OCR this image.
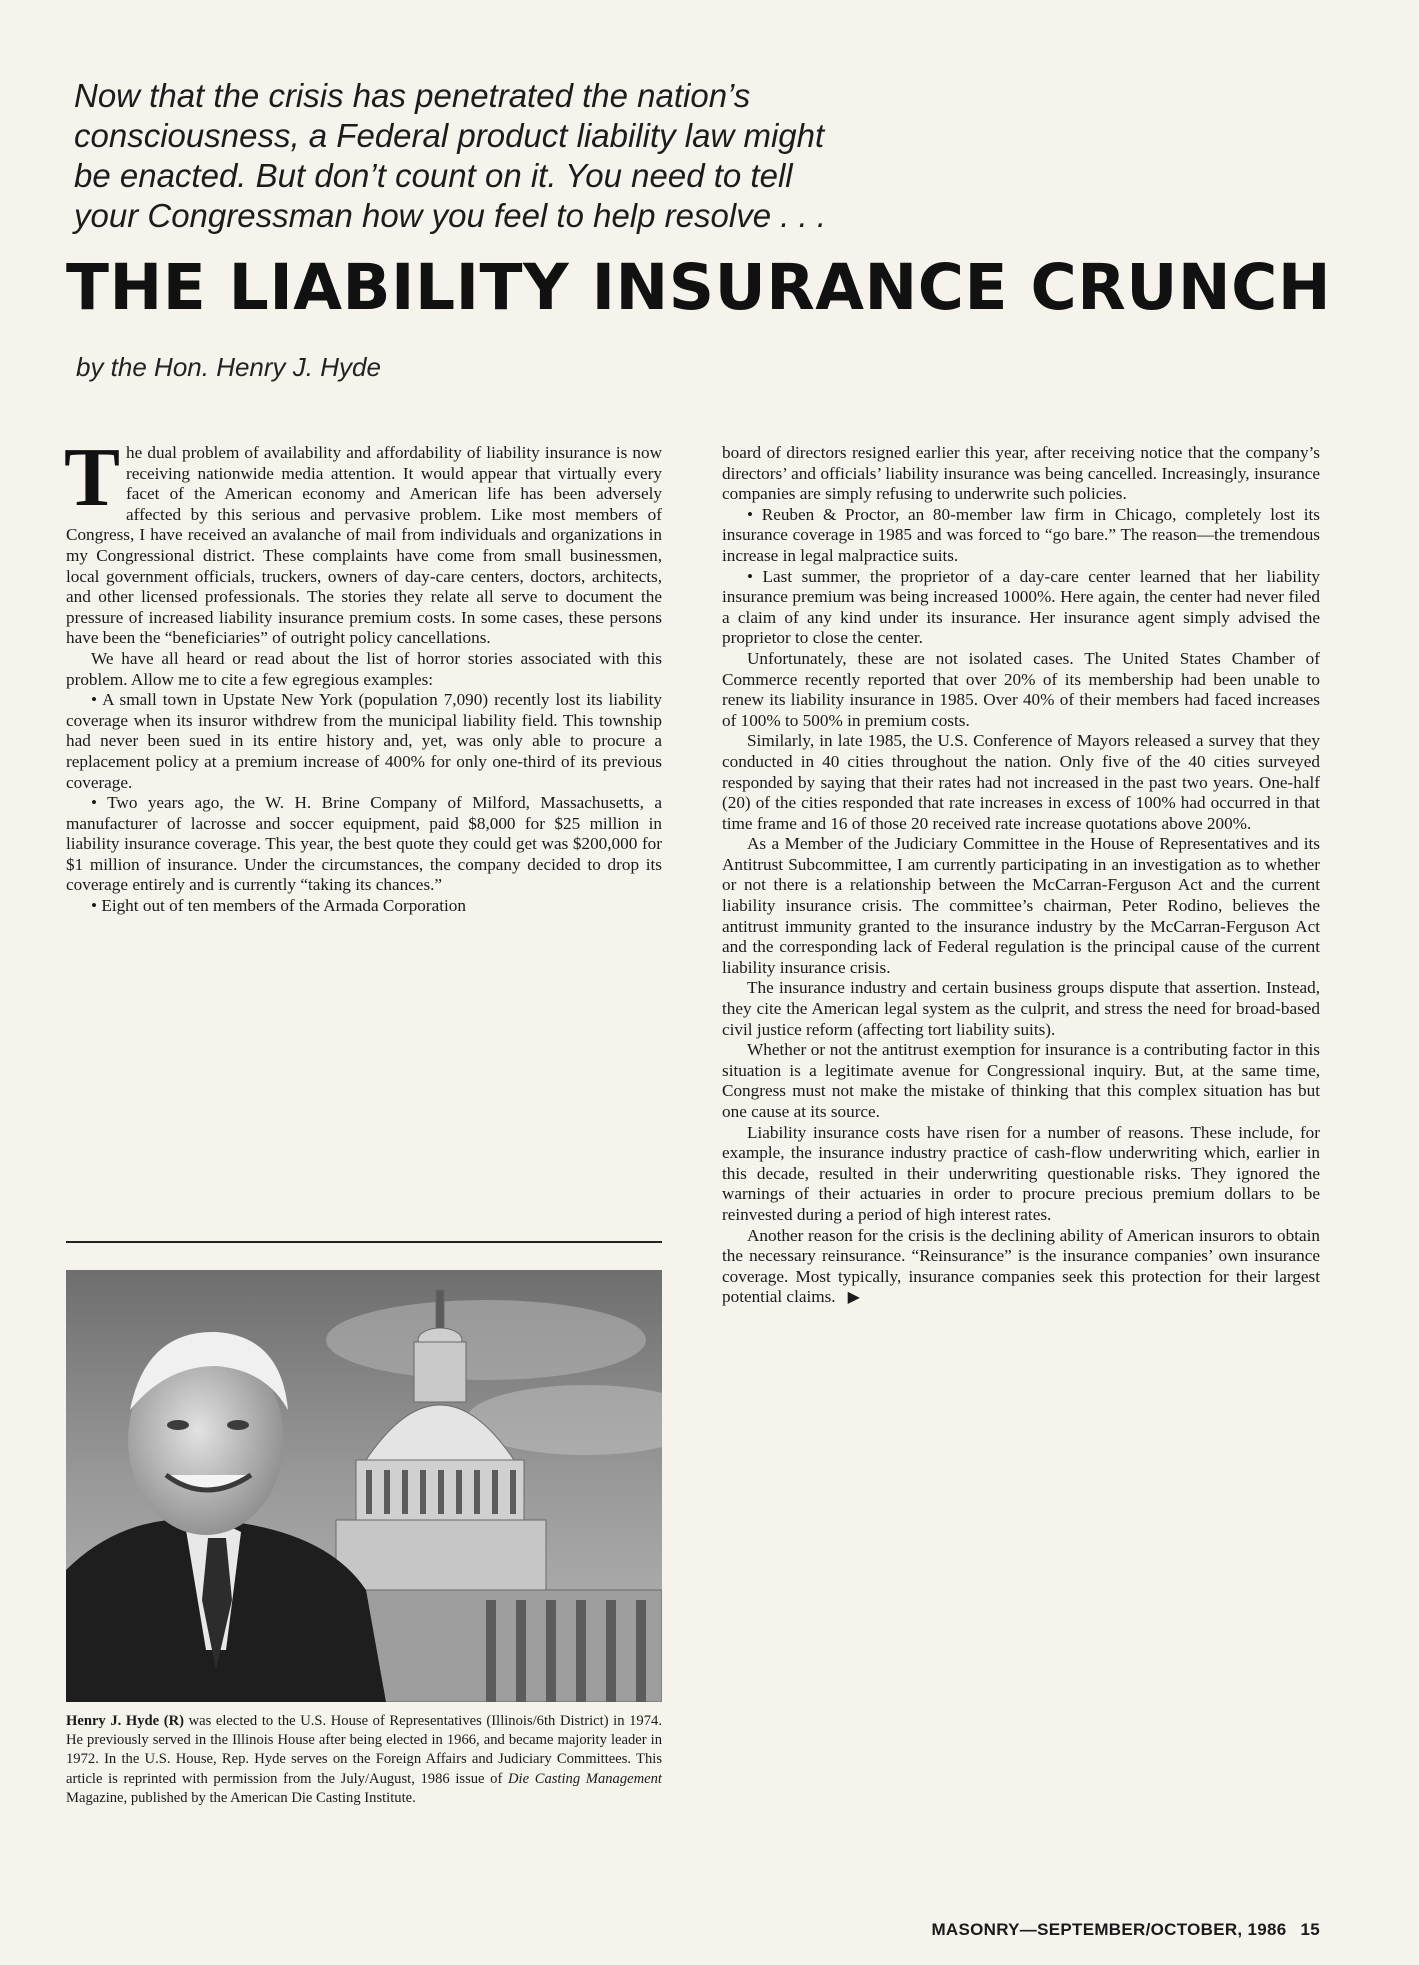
Now that the crisis has penetrated the nation’s
consciousness, a Federal product liability law might
be enacted. But don’t count on it. You need to tell
your Congressman how you feel to help resolve . . .

THE LIABILITY INSURANCE CRUNCH

by the Hon. Henry J. Hyde

The dual problem of availability and affordability of liability insurance is now receiving nationwide media attention. It would appear that virtually every facet of the American economy and American life has been adversely affected by this serious and pervasive problem. Like most members of Congress, I have received an avalanche of mail from individuals and organizations in my Congressional district. These complaints have come from small businessmen, local government officials, truckers, owners of day-care centers, doctors, architects, and other licensed professionals. The stories they relate all serve to document the pressure of increased liability insurance premium costs. In some cases, these persons have been the “beneficiaries” of outright policy cancellations.

We have all heard or read about the list of horror stories associated with this problem. Allow me to cite a few egregious examples:

• A small town in Upstate New York (population 7,090) recently lost its liability coverage when its insuror withdrew from the municipal liability field. This township had never been sued in its entire history and, yet, was only able to procure a replacement policy at a premium increase of 400% for only one-third of its previous coverage.

• Two years ago, the W. H. Brine Company of Milford, Massachusetts, a manufacturer of lacrosse and soccer equipment, paid $8,000 for $25 million in liability insurance coverage. This year, the best quote they could get was $200,000 for $1 million of insurance. Under the circumstances, the company decided to drop its coverage entirely and is currently “taking its chances.”

• Eight out of ten members of the Armada Corporation

Henry J. Hyde (R) was elected to the U.S. House of Representatives (Illinois/6th District) in 1974. He previously served in the Illinois House after being elected in 1966, and became majority leader in 1972. In the U.S. House, Rep. Hyde serves on the Foreign Affairs and Judiciary Committees. This article is reprinted with permission from the July/August, 1986 issue of Die Casting Management Magazine, published by the American Die Casting Institute.

board of directors resigned earlier this year, after receiving notice that the company’s directors’ and officials’ liability insurance was being cancelled. Increasingly, insurance companies are simply refusing to underwrite such policies.

• Reuben & Proctor, an 80-member law firm in Chicago, completely lost its insurance coverage in 1985 and was forced to “go bare.” The reason—the tremendous increase in legal malpractice suits.

• Last summer, the proprietor of a day-care center learned that her liability insurance premium was being increased 1000%. Here again, the center had never filed a claim of any kind under its insurance. Her insurance agent simply advised the proprietor to close the center.

Unfortunately, these are not isolated cases. The United States Chamber of Commerce recently reported that over 20% of its membership had been unable to renew its liability insurance in 1985. Over 40% of their members had faced increases of 100% to 500% in premium costs.

Similarly, in late 1985, the U.S. Conference of Mayors released a survey that they conducted in 40 cities throughout the nation. Only five of the 40 cities surveyed responded by saying that their rates had not increased in the past two years. One-half (20) of the cities responded that rate increases in excess of 100% had occurred in that time frame and 16 of those 20 received rate increase quotations above 200%.

As a Member of the Judiciary Committee in the House of Representatives and its Antitrust Subcommittee, I am currently participating in an investigation as to whether or not there is a relationship between the McCarran-Ferguson Act and the current liability insurance crisis. The committee’s chairman, Peter Rodino, believes the antitrust immunity granted to the insurance industry by the McCarran-Ferguson Act and the corresponding lack of Federal regulation is the principal cause of the current liability insurance crisis.

The insurance industry and certain business groups dispute that assertion. Instead, they cite the American legal system as the culprit, and stress the need for broad-based civil justice reform (affecting tort liability suits).

Whether or not the antitrust exemption for insurance is a contributing factor in this situation is a legitimate avenue for Congressional inquiry. But, at the same time, Congress must not make the mistake of thinking that this complex situation has but one cause at its source.

Liability insurance costs have risen for a number of reasons. These include, for example, the insurance industry practice of cash-flow underwriting which, earlier in this decade, resulted in their underwriting questionable risks. They ignored the warnings of their actuaries in order to procure precious premium dollars to be reinvested during a period of high interest rates.

Another reason for the crisis is the declining ability of American insurors to obtain the necessary reinsurance. “Reinsurance” is the insurance companies’ own insurance coverage. Most typically, insurance companies seek this protection for their largest potential claims. ▶

MASONRY—SEPTEMBER/OCTOBER, 1986 15
